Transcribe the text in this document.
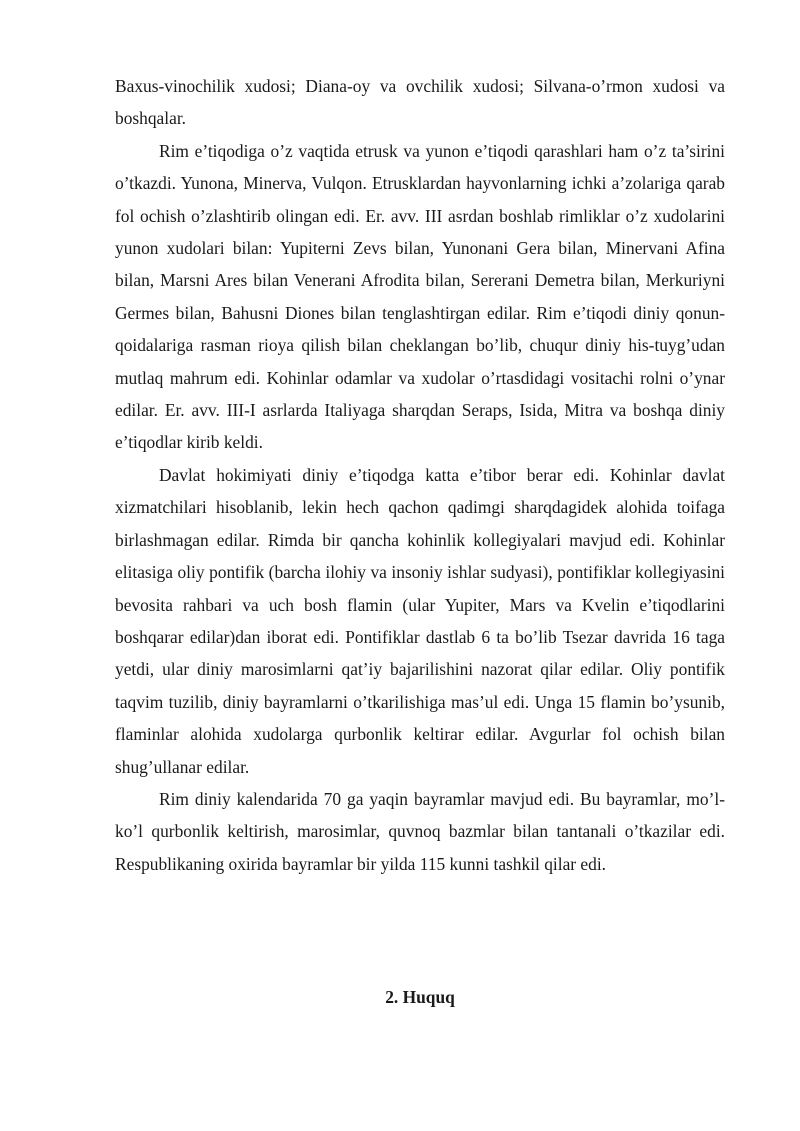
Baxus-vinochilik xudosi; Diana-oy va ovchilik xudosi; Silvana-o’rmon xudosi va boshqalar.

Rim e’tiqodiga o’z vaqtida etrusk va yunon e’tiqodi qarashlari ham o’z ta’sirini o’tkazdi. Yunona, Minerva, Vulqon. Etrusklardan hayvonlarning ichki a’zolariga qarab fol ochish o’zlashtirib olingan edi. Er. avv. III asrdan boshlab rimliklar o’z xudolarini yunon xudolari bilan: Yupiterni Zevs bilan, Yunonani Gera bilan, Minervani Afina bilan, Marsni Ares bilan Venerani Afrodita bilan, Sererani Demetra bilan, Merkuriyni Germes bilan, Bahusni Diones bilan tenglashtirgan edilar. Rim e’tiqodi diniy qonun-qoidalariga rasman rioya qilish bilan cheklangan bo’lib, chuqur diniy his-tuyg’udan mutlaq mahrum edi. Kohinlar odamlar va xudolar o’rtasdidagi vositachi rolni o’ynar edilar. Er. avv. III-I asrlarda Italiyaga sharqdan Seraps, Isida, Mitra va boshqa diniy e’tiqodlar kirib keldi.

Davlat hokimiyati diniy e’tiqodga katta e’tibor berar edi. Kohinlar davlat xizmatchilari hisoblanib, lekin hech qachon qadimgi sharqdagidek alohida toifaga birlashmagan edilar. Rimda bir qancha kohinlik kollegiyalari mavjud edi. Kohinlar elitasiga oliy pontifik (barcha ilohiy va insoniy ishlar sudyasi), pontifiklar kollegiyasini bevosita rahbari va uch bosh flamin (ular Yupiter, Mars va Kvelin e’tiqodlarini boshqarar edilar)dan iborat edi. Pontifiklar dastlab 6 ta bo’lib Tsezar davrida 16 taga yetdi, ular diniy marosimlarni qat’iy bajarilishini nazorat qilar edilar. Oliy pontifik taqvim tuzilib, diniy bayramlarni o’tkarilishiga mas’ul edi. Unga 15 flamin bo’ysunib, flaminlar alohida xudolarga qurbonlik keltirar edilar. Avgurlar fol ochish bilan shug’ullanar edilar.

Rim diniy kalendarida 70 ga yaqin bayramlar mavjud edi. Bu bayramlar, mo’l-ko’l qurbonlik keltirish, marosimlar, quvnoq bazmlar bilan tantanali o’tkazilar edi. Respublikaning oxirida bayramlar bir yilda 115 kunni tashkil qilar edi.

2. Huquq
